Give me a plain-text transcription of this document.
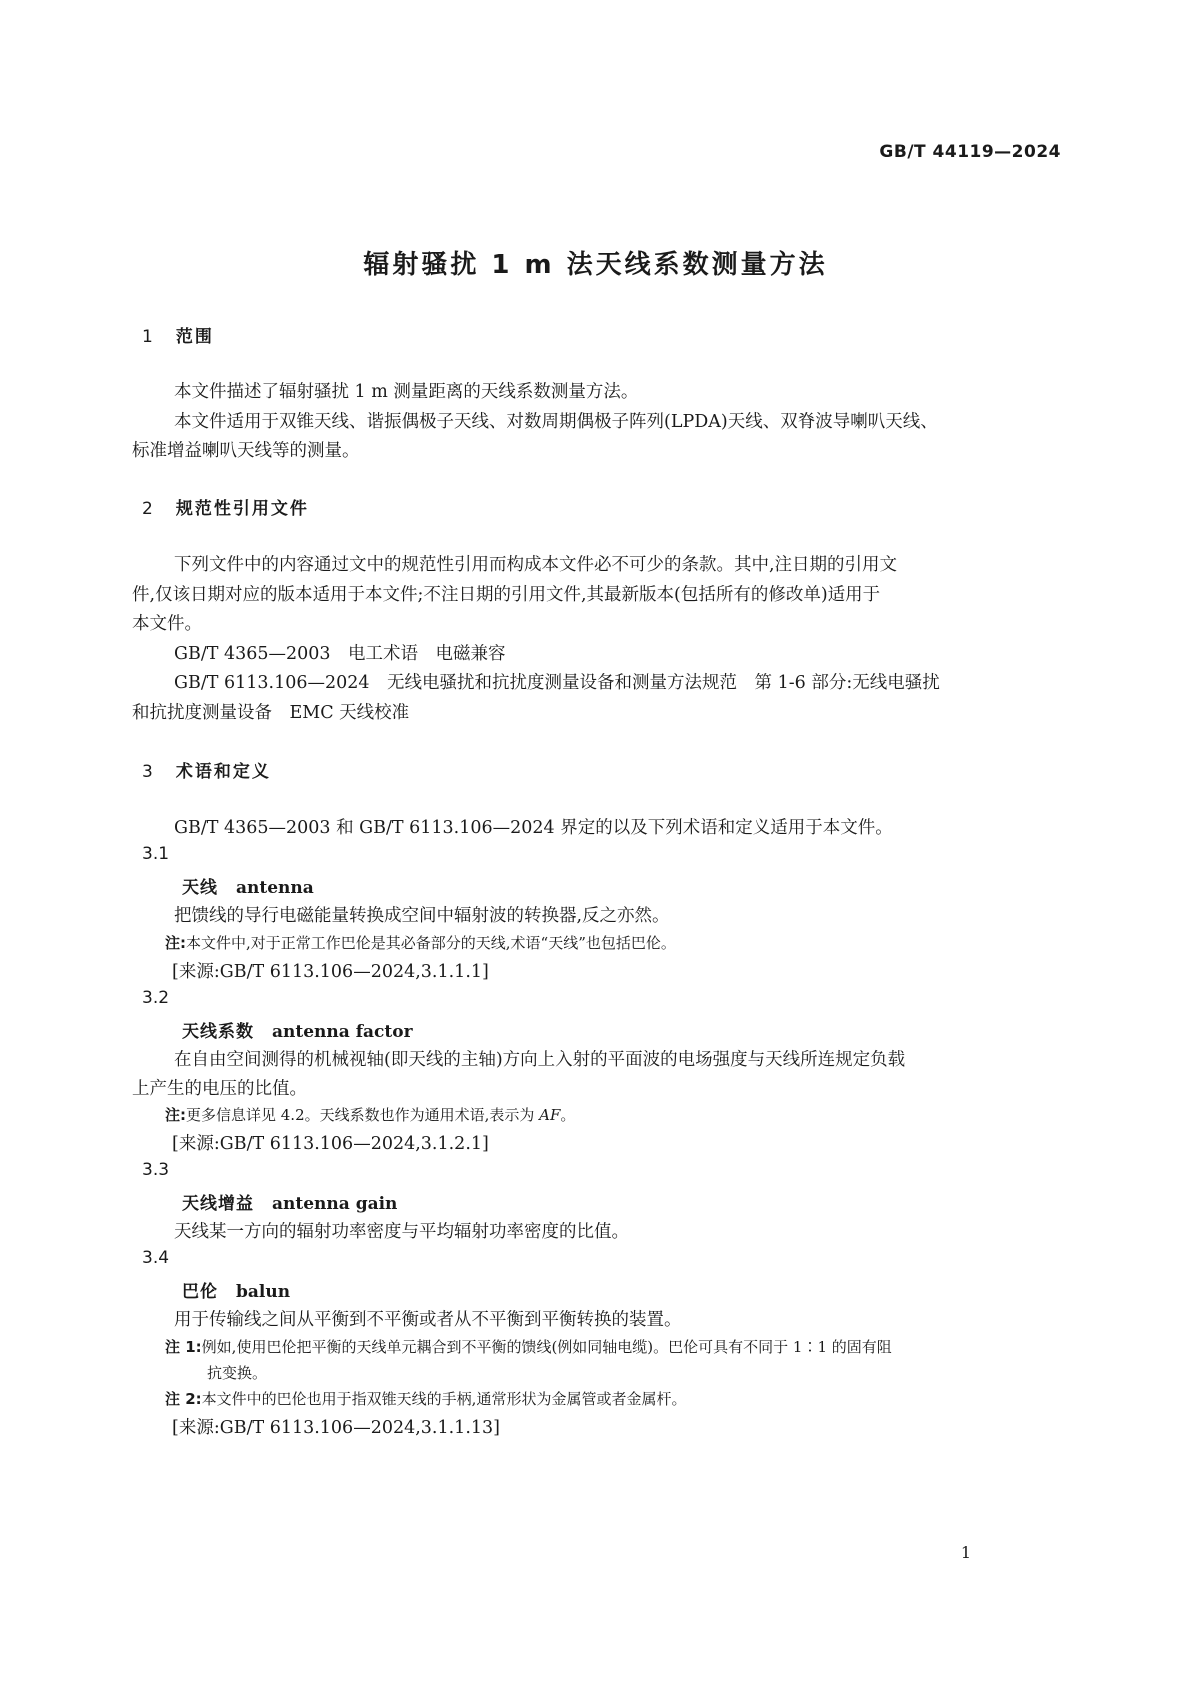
GB/T 44119—2024
辐射骚扰 1 m 法天线系数测量方法
1 范围
本文件描述了辐射骚扰 1 m 测量距离的天线系数测量方法。
本文件适用于双锥天线、谐振偶极子天线、对数周期偶极子阵列(LPDA)天线、双脊波导喇叭天线、
标准增益喇叭天线等的测量。
2 规范性引用文件
下列文件中的内容通过文中的规范性引用而构成本文件必不可少的条款。其中,注日期的引用文
件,仅该日期对应的版本适用于本文件;不注日期的引用文件,其最新版本(包括所有的修改单)适用于
本文件。
GB/T 4365—2003　电工术语　电磁兼容
GB/T 6113.106—2024　无线电骚扰和抗扰度测量设备和测量方法规范　第 1-6 部分:无线电骚扰
和抗扰度测量设备　EMC 天线校准
3 术语和定义
GB/T 4365—2003 和 GB/T 6113.106—2024 界定的以及下列术语和定义适用于本文件。
3.1
天线 antenna
把馈线的导行电磁能量转换成空间中辐射波的转换器,反之亦然。
注:本文件中,对于正常工作巴伦是其必备部分的天线,术语“天线”也包括巴伦。
[来源:GB/T 6113.106—2024,3.1.1.1]
3.2
天线系数 antenna factor
在自由空间测得的机械视轴(即天线的主轴)方向上入射的平面波的电场强度与天线所连规定负载
上产生的电压的比值。
注:更多信息详见 4.2。天线系数也作为通用术语,表示为 AF。
[来源:GB/T 6113.106—2024,3.1.2.1]
3.3
天线增益 antenna gain
天线某一方向的辐射功率密度与平均辐射功率密度的比值。
3.4
巴伦 balun
用于传输线之间从平衡到不平衡或者从不平衡到平衡转换的装置。
注 1:例如,使用巴伦把平衡的天线单元耦合到不平衡的馈线(例如同轴电缆)。巴伦可具有不同于 1∶1 的固有阻
抗变换。
注 2:本文件中的巴伦也用于指双锥天线的手柄,通常形状为金属管或者金属杆。
[来源:GB/T 6113.106—2024,3.1.1.13]
1
